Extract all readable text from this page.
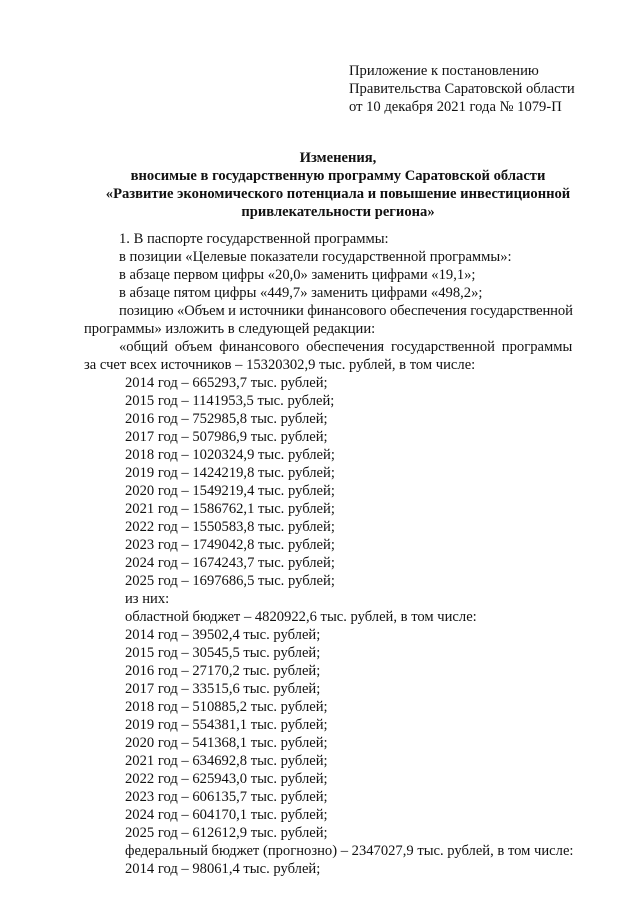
Приложение к постановлению
Правительства Саратовской области
от 10 декабря 2021 года № 1079-П
Изменения,
вносимые в государственную программу Саратовской области
«Развитие экономического потенциала и повышение инвестиционной
привлекательности региона»
1. В паспорте государственной программы:
в позиции «Целевые показатели государственной программы»:
в абзаце первом цифры «20,0» заменить цифрами «19,1»;
в абзаце пятом цифры «449,7» заменить цифрами «498,2»;
позицию «Объем и источники финансового обеспечения государственной
программы» изложить в следующей редакции:
«общий объем финансового обеспечения государственной программы
за счет всех источников – 15320302,9 тыс. рублей, в том числе:
2014 год – 665293,7 тыс. рублей;
2015 год – 1141953,5 тыс. рублей;
2016 год – 752985,8 тыс. рублей;
2017 год – 507986,9 тыс. рублей;
2018 год – 1020324,9 тыс. рублей;
2019 год – 1424219,8 тыс. рублей;
2020 год – 1549219,4 тыс. рублей;
2021 год – 1586762,1 тыс. рублей;
2022 год – 1550583,8 тыс. рублей;
2023 год – 1749042,8 тыс. рублей;
2024 год – 1674243,7 тыс. рублей;
2025 год – 1697686,5 тыс. рублей;
из них:
областной бюджет – 4820922,6 тыс. рублей, в том числе:
2014 год – 39502,4 тыс. рублей;
2015 год – 30545,5 тыс. рублей;
2016 год – 27170,2 тыс. рублей;
2017 год – 33515,6 тыс. рублей;
2018 год – 510885,2 тыс. рублей;
2019 год – 554381,1 тыс. рублей;
2020 год – 541368,1 тыс. рублей;
2021 год – 634692,8 тыс. рублей;
2022 год – 625943,0 тыс. рублей;
2023 год – 606135,7 тыс. рублей;
2024 год – 604170,1 тыс. рублей;
2025 год – 612612,9 тыс. рублей;
федеральный бюджет (прогнозно) – 2347027,9 тыс. рублей, в том числе:
2014 год – 98061,4 тыс. рублей;
